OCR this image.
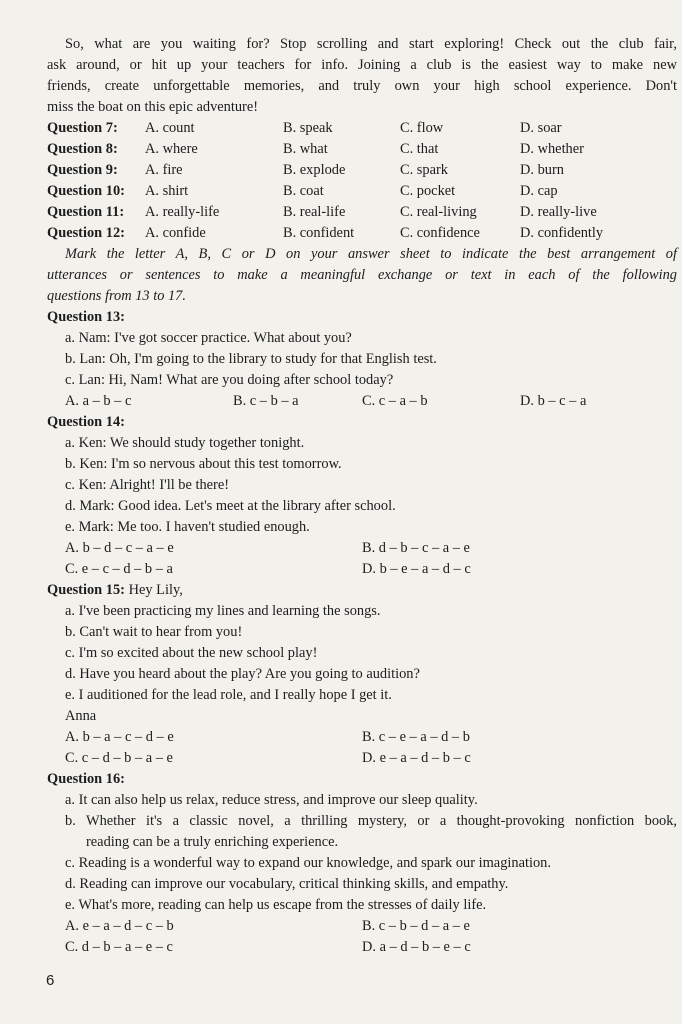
So, what are you waiting for? Stop scrolling and start exploring! Check out the club fair,
ask around, or hit up your teachers for info. Joining a club is the easiest way to make new
friends, create unforgettable memories, and truly own your high school experience. Don't
miss the boat on this epic adventure!
Question 7: A. count	B. speak	C. flow	D. soar
Question 8: A. where	B. what	C. that	D. whether
Question 9: A. fire	B. explode	C. spark	D. burn
Question 10: A. shirt	B. coat	C. pocket	D. cap
Question 11: A. really-life	B. real-life	C. real-living	D. really-live
Question 12: A. confide	B. confident	C. confidence	D. confidently
Mark the letter A, B, C or D on your answer sheet to indicate the best arrangement of
utterances or sentences to make a meaningful exchange or text in each of the following
questions from 13 to 17.
Question 13:
a. Nam: I've got soccer practice. What about you?
b. Lan: Oh, I'm going to the library to study for that English test.
c. Lan: Hi, Nam! What are you doing after school today?
A. a – b – c	B. c – b – a	C. c – a – b	D. b – c – a
Question 14:
a. Ken: We should study together tonight.
b. Ken: I'm so nervous about this test tomorrow.
c. Ken: Alright! I'll be there!
d. Mark: Good idea. Let's meet at the library after school.
e. Mark: Me too. I haven't studied enough.
A. b – d – c – a – e	B. d – b – c – a – e
C. e – c – d – b – a	D. b – e – a – d – c
Question 15: Hey Lily,
a. I've been practicing my lines and learning the songs.
b. Can't wait to hear from you!
c. I'm so excited about the new school play!
d. Have you heard about the play? Are you going to audition?
e. I auditioned for the lead role, and I really hope I get it.
Anna
A. b – a – c – d – e	B. c – e – a – d – b
C. c – d – b – a – e	D. e – a – d – b – c
Question 16:
a. It can also help us relax, reduce stress, and improve our sleep quality.
b. Whether it's a classic novel, a thrilling mystery, or a thought-provoking nonfiction book,
reading can be a truly enriching experience.
c. Reading is a wonderful way to expand our knowledge, and spark our imagination.
d. Reading can improve our vocabulary, critical thinking skills, and empathy.
e. What's more, reading can help us escape from the stresses of daily life.
A. e – a – d – c – b	B. c – b – d – a – e
C. d – b – a – e – c	D. a – d – b – e – c
6
